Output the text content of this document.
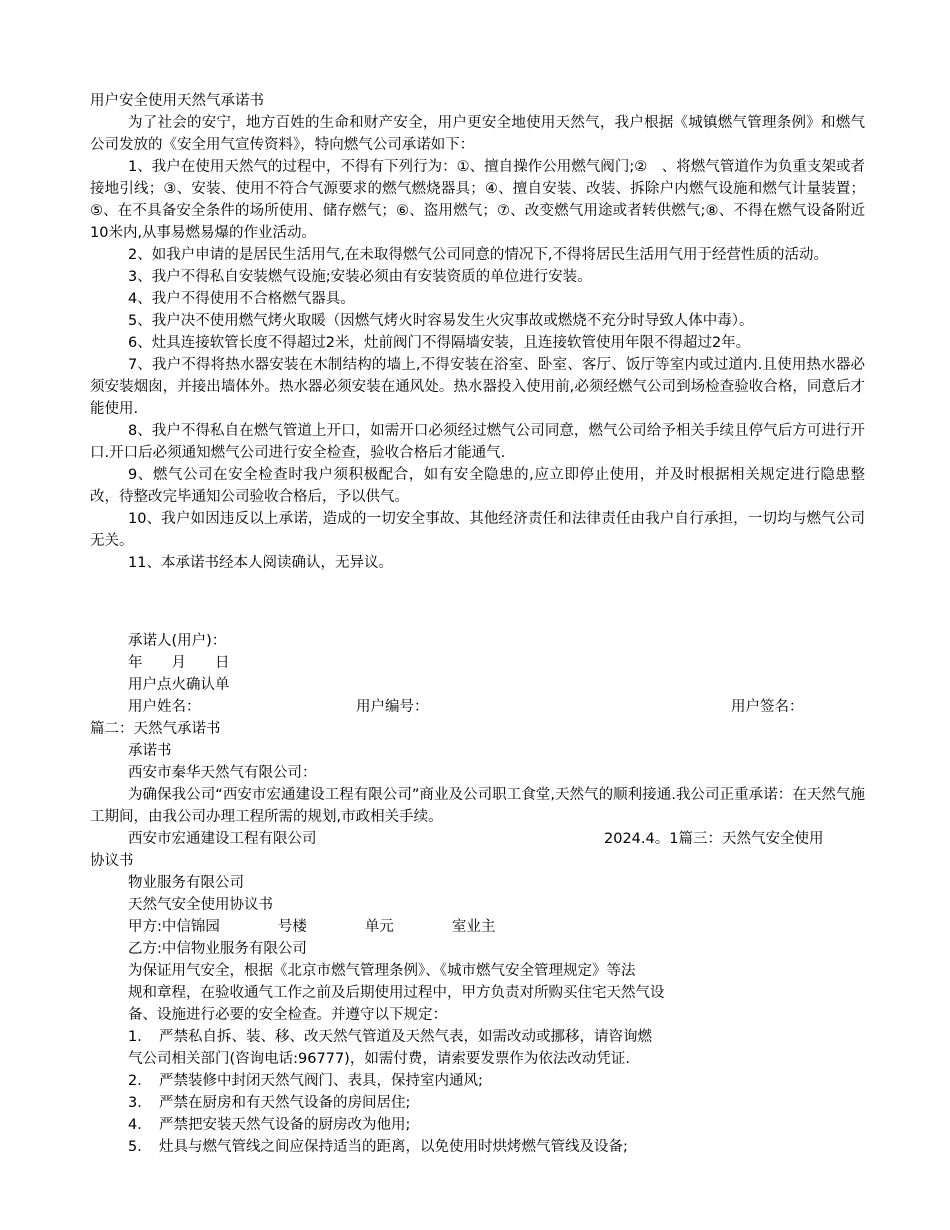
用户安全使用天然气承诺书

为了社会的安宁，地方百姓的生命和财产安全，用户更安全地使用天然气，我户根据《城镇燃气管理条例》和燃气公司发放的《安全用气宣传资料》，特向燃气公司承诺如下：

1、我户在使用天然气的过程中，不得有下列行为：①、擅自操作公用燃气阀门;②　、将燃气管道作为负重支架或者接地引线；③、安装、使用不符合气源要求的燃气燃烧器具；④、擅自安装、改装、拆除户内燃气设施和燃气计量装置；⑤、在不具备安全条件的场所使用、储存燃气；⑥、盗用燃气；⑦、改变燃气用途或者转供燃气;⑧、不得在燃气设备附近10米内,从事易燃易爆的作业活动。

2、如我户申请的是居民生活用气,在未取得燃气公司同意的情况下,不得将居民生活用气用于经营性质的活动。

3、我户不得私自安装燃气设施;安装必须由有安装资质的单位进行安装。

4、我户不得使用不合格燃气器具。

5、我户决不使用燃气烤火取暖（因燃气烤火时容易发生火灾事故或燃烧不充分时导致人体中毒）。

6、灶具连接软管长度不得超过2米，灶前阀门不得隔墙安装，且连接软管使用年限不得超过2年。

7、我户不得将热水器安装在木制结构的墙上,不得安装在浴室、卧室、客厅、饭厅等室内或过道内.且使用热水器必须安装烟囱，并接出墙体外。热水器必须安装在通风处。热水器投入使用前,必须经燃气公司到场检查验收合格，同意后才能使用.

8、我户不得私自在燃气管道上开口，如需开口必须经过燃气公司同意，燃气公司给予相关手续且停气后方可进行开口.开口后必须通知燃气公司进行安全检查，验收合格后才能通气.

9、燃气公司在安全检查时我户须积极配合，如有安全隐患的,应立即停止使用，并及时根据相关规定进行隐患整改，待整改完毕通知公司验收合格后，予以供气。

10、我户如因违反以上承诺，造成的一切安全事故、其他经济责任和法律责任由我户自行承担，一切均与燃气公司无关。

11、本承诺书经本人阅读确认，无异议。

承诺人(用户)：
年　　月　　日
用户点火确认单
用户姓名：	用户编号：	用户签名：
篇二：天然气承诺书
承诺书
西安市秦华天然气有限公司：

为确保我公司“西安市宏通建设工程有限公司”商业及公司职工食堂,天然气的顺利接通.我公司正重承诺：在天然气施工期间，由我公司办理工程所需的规划,市政相关手续。

西安市宏通建设工程有限公司	2024.4。1篇三：天然气安全使用
协议书
物业服务有限公司
天然气安全使用协议书
甲方:中信锦园　　　　号楼　　　　单元　　　　室业主
乙方:中信物业服务有限公司
为保证用气安全，根据《北京市燃气管理条例》、《城市燃气安全管理规定》等法
规和章程，在验收通气工作之前及后期使用过程中，甲方负责对所购买住宅天然气设
备、设施进行必要的安全检查。并遵守以下规定：
1．　严禁私自拆、装、移、改天然气管道及天然气表，如需改动或挪移，请咨询燃
气公司相关部门(咨询电话:96777)，如需付费，请索要发票作为依法改动凭证.
2．　严禁装修中封闭天然气阀门、表具，保持室内通风;
3．　严禁在厨房和有天然气设备的房间居住;
4．　严禁把安装天然气设备的厨房改为他用;
5．　灶具与燃气管线之间应保持适当的距离，以免使用时烘烤燃气管线及设备;
